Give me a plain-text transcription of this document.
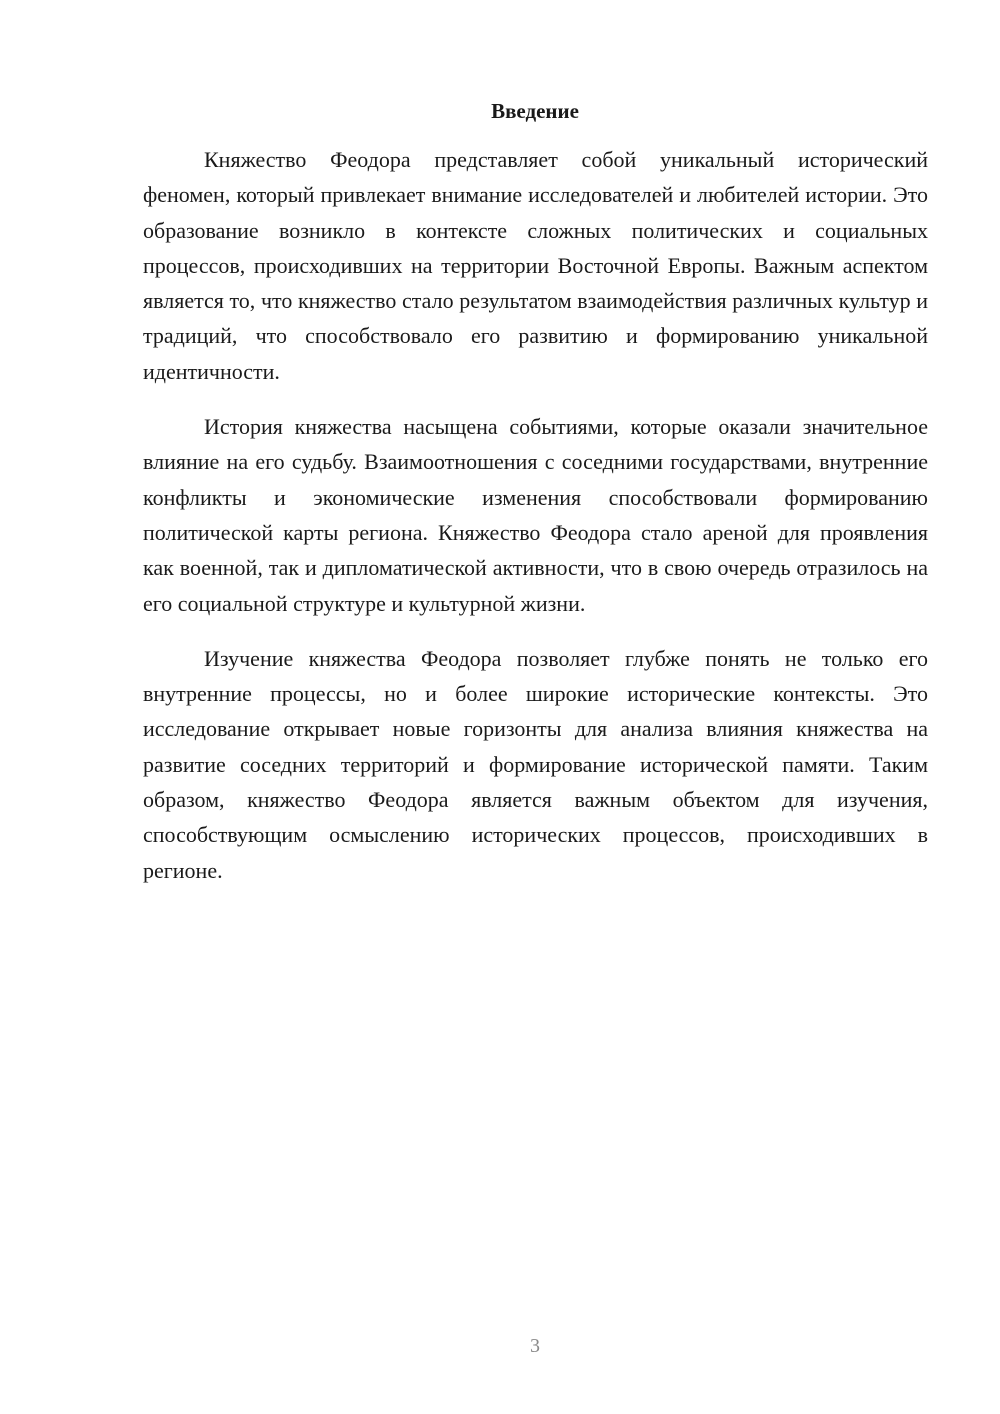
Введение

Княжество Феодора представляет собой уникальный исторический феномен, который привлекает внимание исследователей и любителей истории. Это образование возникло в контексте сложных политических и социальных процессов, происходивших на территории Восточной Европы. Важным аспектом является то, что княжество стало результатом взаимодействия различных культур и традиций, что способствовало его развитию и формированию уникальной идентичности.

История княжества насыщена событиями, которые оказали значительное влияние на его судьбу. Взаимоотношения с соседними государствами, внутренние конфликты и экономические изменения способствовали формированию политической карты региона. Княжество Феодора стало ареной для проявления как военной, так и дипломатической активности, что в свою очередь отразилось на его социальной структуре и культурной жизни.

Изучение княжества Феодора позволяет глубже понять не только его внутренние процессы, но и более широкие исторические контексты. Это исследование открывает новые горизонты для анализа влияния княжества на развитие соседних территорий и формирование исторической памяти. Таким образом, княжество Феодора является важным объектом для изучения, способствующим осмыслению исторических процессов, происходивших в регионе.

3
